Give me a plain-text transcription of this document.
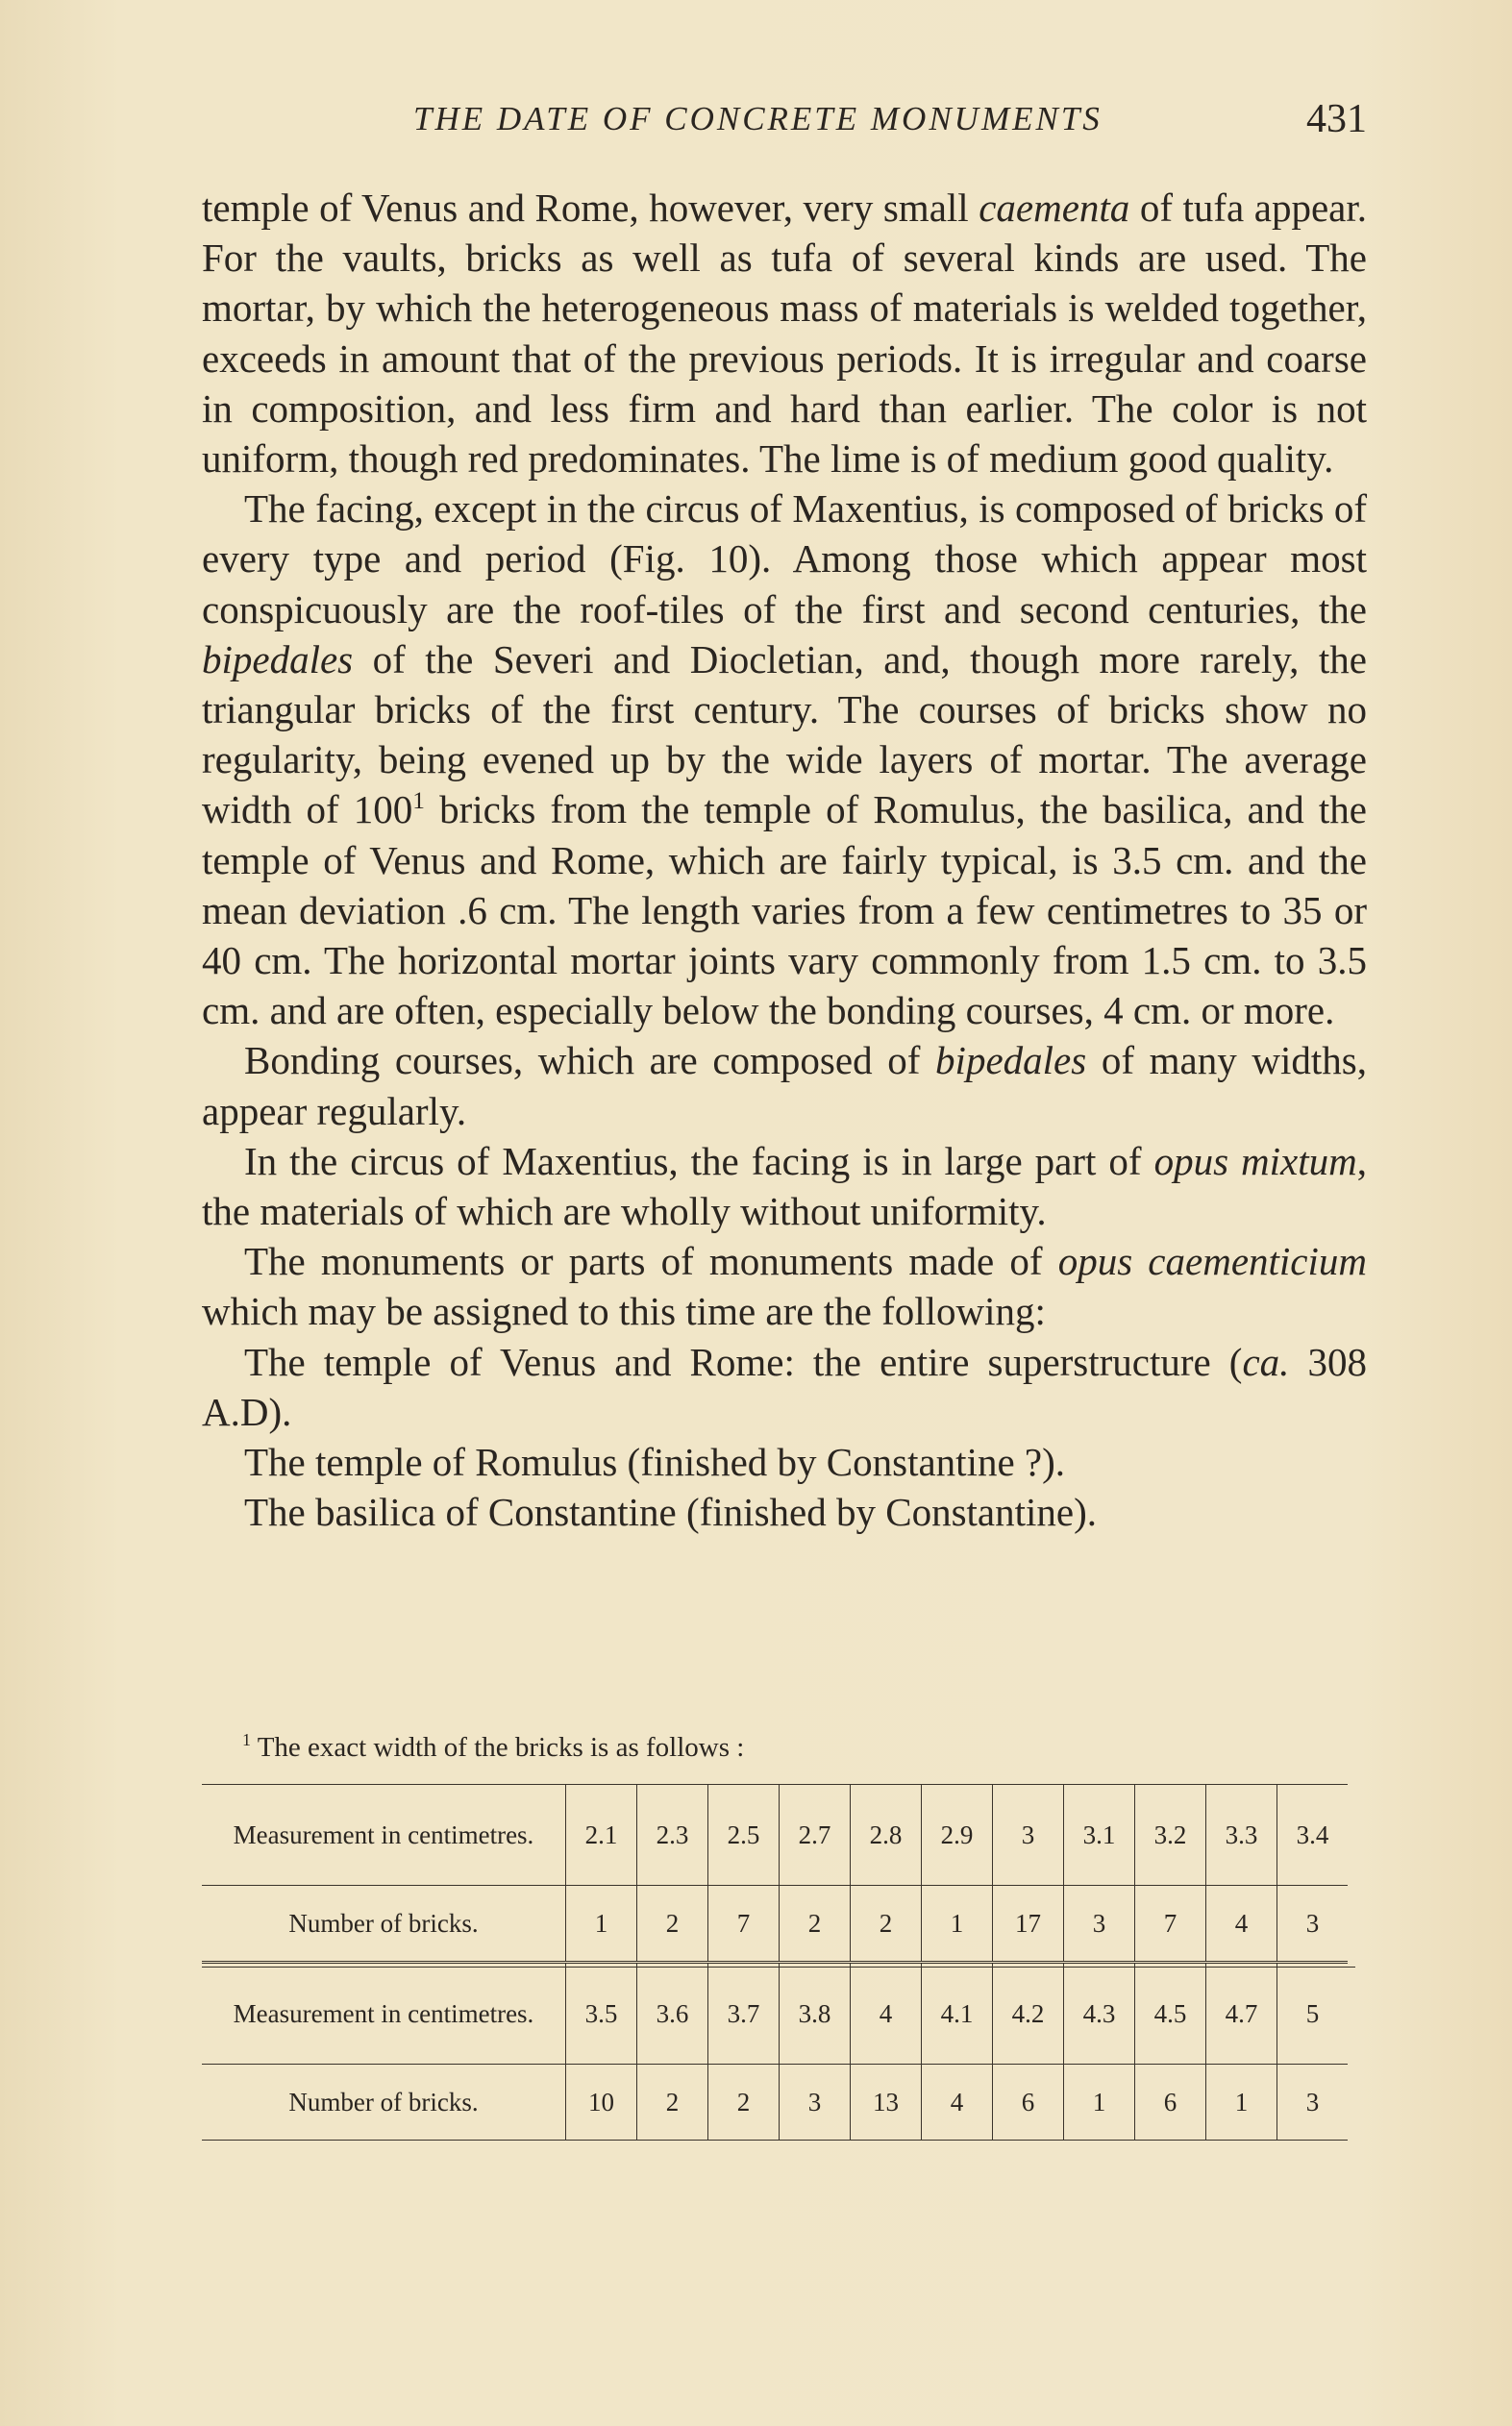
THE DATE OF CONCRETE MONUMENTS	431

temple of Venus and Rome, however, very small caementa of tufa appear. For the vaults, bricks as well as tufa of several kinds are used. The mortar, by which the heterogeneous mass of materials is welded together, exceeds in amount that of the previous periods. It is irregular and coarse in composition, and less firm and hard than earlier. The color is not uniform, though red predominates. The lime is of medium good quality.

The facing, except in the circus of Maxentius, is composed of bricks of every type and period (Fig. 10). Among those which appear most conspicuously are the roof-tiles of the first and second centuries, the bipedales of the Severi and Diocletian, and, though more rarely, the triangular bricks of the first century. The courses of bricks show no regularity, being evened up by the wide layers of mortar. The average width of $100^1$ bricks from the temple of Romulus, the basilica, and the temple of Venus and Rome, which are fairly typical, is 3.5 cm. and the mean deviation .6 cm. The length varies from a few centimetres to 35 or 40 cm. The horizontal mortar joints vary commonly from 1.5 cm. to 3.5 cm. and are often, especially below the bonding courses, 4 cm. or more.

Bonding courses, which are composed of bipedales of many widths, appear regularly.

In the circus of Maxentius, the facing is in large part of opus mixtum, the materials of which are wholly without uniformity.

The monuments or parts of monuments made of opus caementicium which may be assigned to this time are the following:

The temple of Venus and Rome: the entire superstructure (ca. 308 A.D).

The temple of Romulus (finished by Constantine ?).

The basilica of Constantine (finished by Constantine).

$^1$ The exact width of the bricks is as follows :
Measurement in centimetres.	2.1	2.3	2.5	2.7	2.8	2.9	3	3.1	3.2	3.3	3.4
Number of bricks.	1	2	7	2	2	1	17	3	7	4	3
Measurement in centimetres.	3.5	3.6	3.7	3.8	4	4.1	4.2	4.3	4.5	4.7	5
Number of bricks.	10	2	2	3	13	4	6	1	6	1	3
